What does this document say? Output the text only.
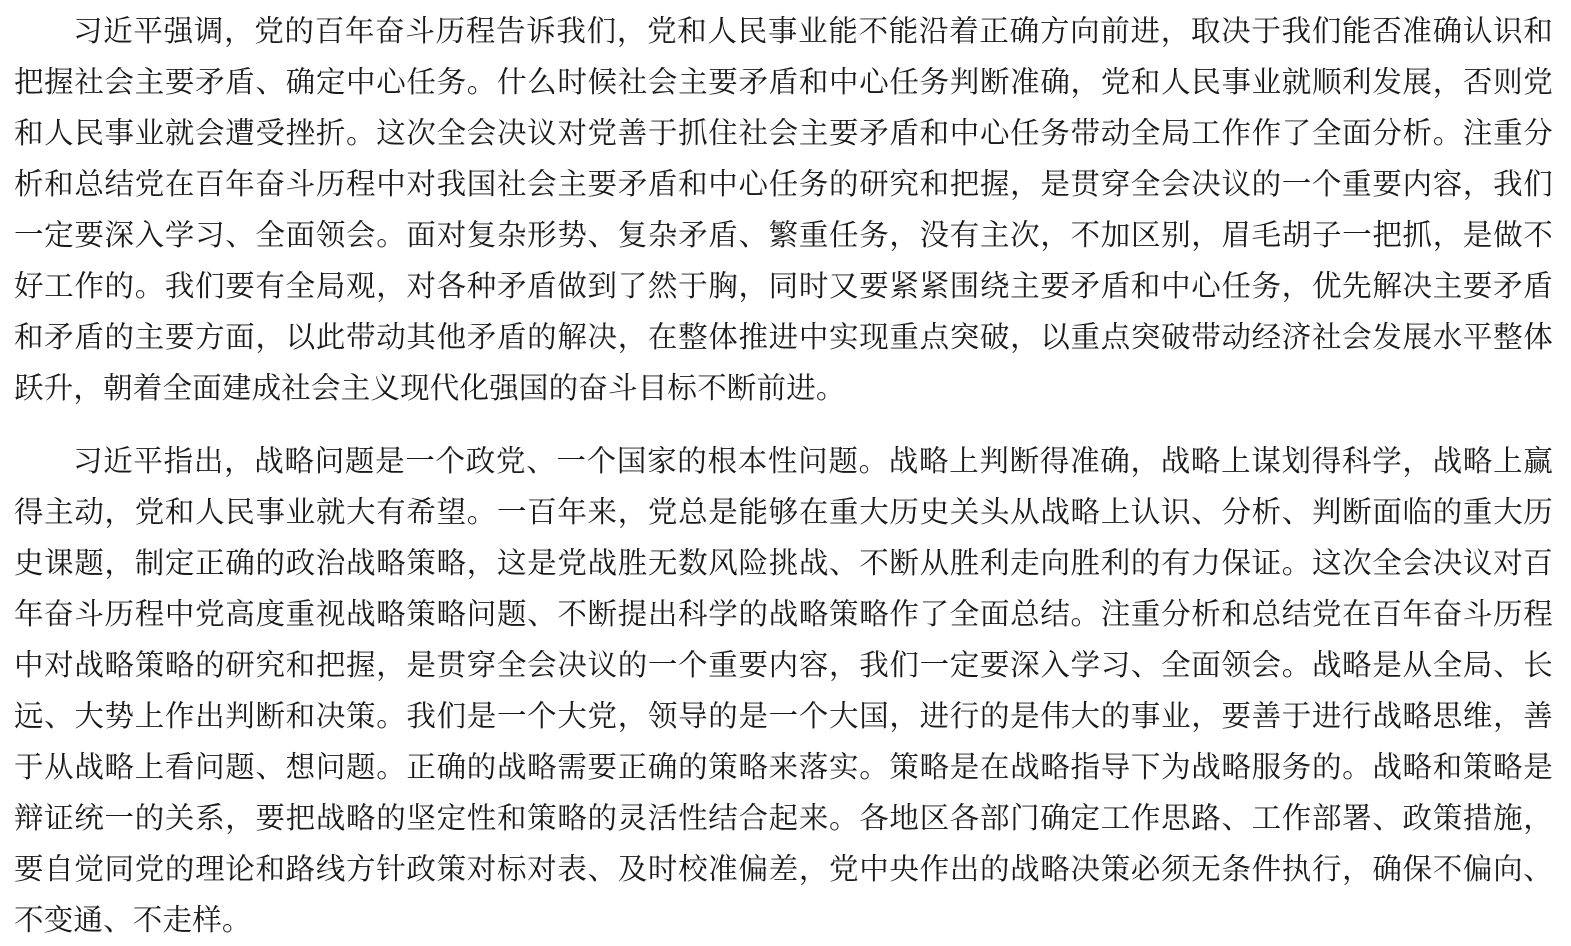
习近平强调，党的百年奋斗历程告诉我们，党和人民事业能不能沿着正确方向前进，取决于我们能否准确认识和把握社会主要矛盾、确定中心任务。什么时候社会主要矛盾和中心任务判断准确，党和人民事业就顺利发展，否则党和人民事业就会遭受挫折。这次全会决议对党善于抓住社会主要矛盾和中心任务带动全局工作作了全面分析。注重分析和总结党在百年奋斗历程中对我国社会主要矛盾和中心任务的研究和把握，是贯穿全会决议的一个重要内容，我们一定要深入学习、全面领会。面对复杂形势、复杂矛盾、繁重任务，没有主次，不加区别，眉毛胡子一把抓，是做不好工作的。我们要有全局观，对各种矛盾做到了然于胸，同时又要紧紧围绕主要矛盾和中心任务，优先解决主要矛盾和矛盾的主要方面，以此带动其他矛盾的解决，在整体推进中实现重点突破，以重点突破带动经济社会发展水平整体跃升，朝着全面建成社会主义现代化强国的奋斗目标不断前进。

习近平指出，战略问题是一个政党、一个国家的根本性问题。战略上判断得准确，战略上谋划得科学，战略上赢得主动，党和人民事业就大有希望。一百年来，党总是能够在重大历史关头从战略上认识、分析、判断面临的重大历史课题，制定正确的政治战略策略，这是党战胜无数风险挑战、不断从胜利走向胜利的有力保证。这次全会决议对百年奋斗历程中党高度重视战略策略问题、不断提出科学的战略策略作了全面总结。注重分析和总结党在百年奋斗历程中对战略策略的研究和把握，是贯穿全会决议的一个重要内容，我们一定要深入学习、全面领会。战略是从全局、长远、大势上作出判断和决策。我们是一个大党，领导的是一个大国，进行的是伟大的事业，要善于进行战略思维，善于从战略上看问题、想问题。正确的战略需要正确的策略来落实。策略是在战略指导下为战略服务的。战略和策略是辩证统一的关系，要把战略的坚定性和策略的灵活性结合起来。各地区各部门确定工作思路、工作部署、政策措施，要自觉同党的理论和路线方针政策对标对表、及时校准偏差，党中央作出的战略决策必须无条件执行，确保不偏向、不变通、不走样。
